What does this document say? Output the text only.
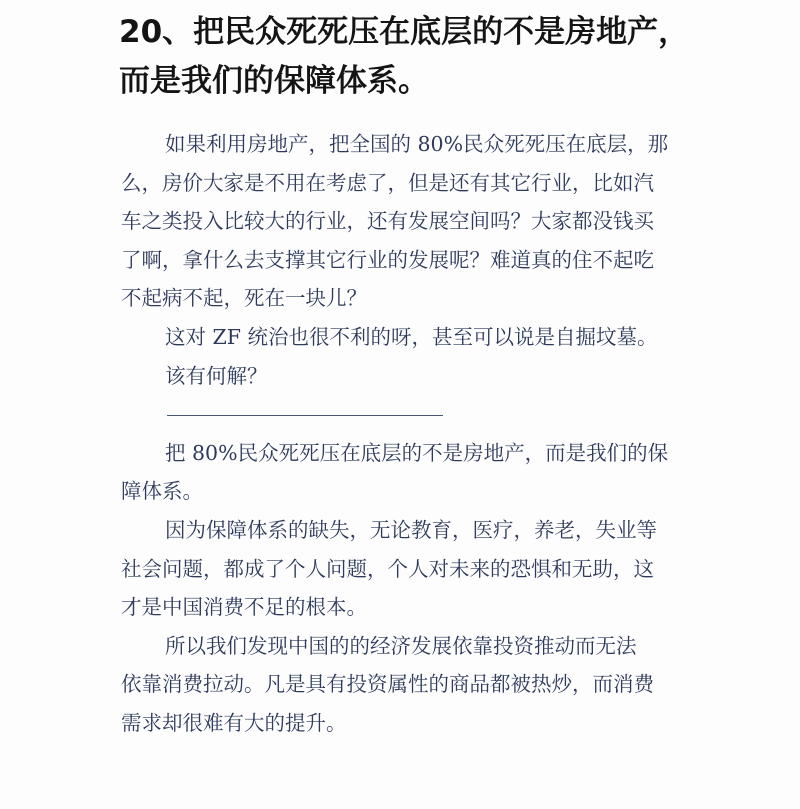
20、把民众死死压在底层的不是房地产，
而是我们的保障体系。
如果利用房地产，把全国的 80%民众死死压在底层，那
么，房价大家是不用在考虑了，但是还有其它行业，比如汽
车之类投入比较大的行业，还有发展空间吗？大家都没钱买
了啊，拿什么去支撑其它行业的发展呢？难道真的住不起吃
不起病不起，死在一块儿？
这对 ZF 统治也很不利的呀，甚至可以说是自掘坟墓。
该有何解？
把 80%民众死死压在底层的不是房地产，而是我们的保
障体系。
因为保障体系的缺失，无论教育，医疗，养老，失业等
社会问题，都成了个人问题，个人对未来的恐惧和无助，这
才是中国消费不足的根本。
所以我们发现中国的的经济发展依靠投资推动而无法
依靠消费拉动。凡是具有投资属性的商品都被热炒，而消费
需求却很难有大的提升。
